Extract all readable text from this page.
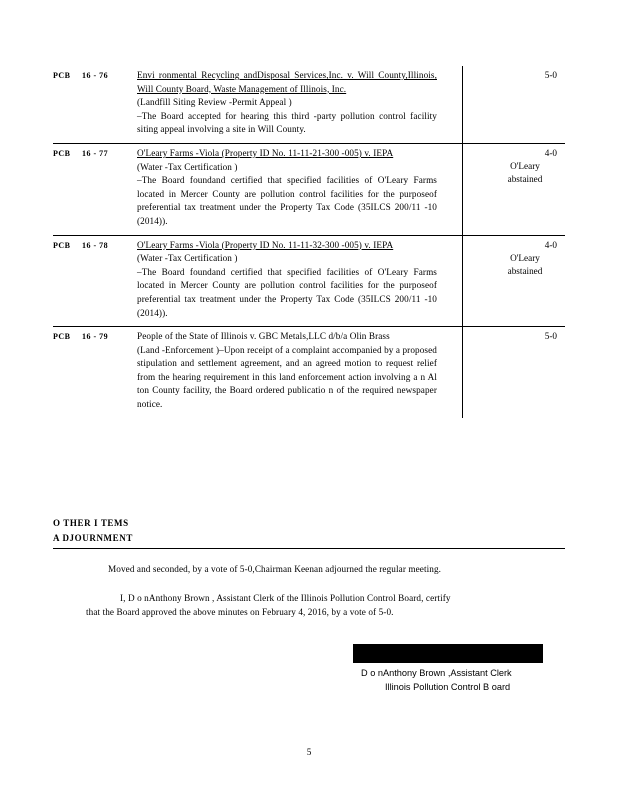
PCB 16 - 76	Envi ronmental Recycling andDisposal Services,Inc. v. Will County,Illinois, Will County Board, Waste Management of Illinois, Inc.
(Landfill Siting Review -Permit Appeal )
–The Board accepted for hearing this third -party pollution control facility siting appeal involving a site in Will County.
5-0
PCB 16 - 77	O'Leary Farms -Viola (Property ID No. 11-11-21-300 -005) v. IEPA
(Water -Tax Certification )
–The Board foundand certified that specified facilities of O'Leary Farms located in Mercer County are pollution control facilities for the purposeof preferential tax treatment under the Property Tax Code (35ILCS 200/11 -10 (2014)).
4-0
O'Leary abstained
PCB 16 - 78	O'Leary Farms -Viola (Property ID No. 11-11-32-300 -005) v. IEPA
(Water -Tax Certification )
–The Board foundand certified that specified facilities of O'Leary Farms located in Mercer County are pollution control facilities for the purposeof preferential tax treatment under the Property Tax Code (35ILCS 200/11 -10 (2014)).
4-0
O'Leary abstained
PCB 16 - 79	People of the State of Illinois v. GBC Metals,LLC d/b/a Olin Brass
(Land -Enforcement )–Upon receipt of a complaint accompanied by a proposed stipulation and settlement agreement, and an agreed motion to request relief from the hearing requirement in this land enforcement action involving a n Al ton County facility, the Board ordered publicatio n of the required newspaper notice.
5-0
O THER I TEMS
A DJOURNMENT
Moved and seconded, by a vote of 5-0,Chairman Keenan adjourned the regular meeting.
I, D o nAnthony Brown , Assistant Clerk of the Illinois Pollution Control Board, certify
that the Board approved the above minutes on February 4, 2016, by a vote of 5-0.
D o nAnthony Brown ,Assistant Clerk
Illinois Pollution Control B oard
5
